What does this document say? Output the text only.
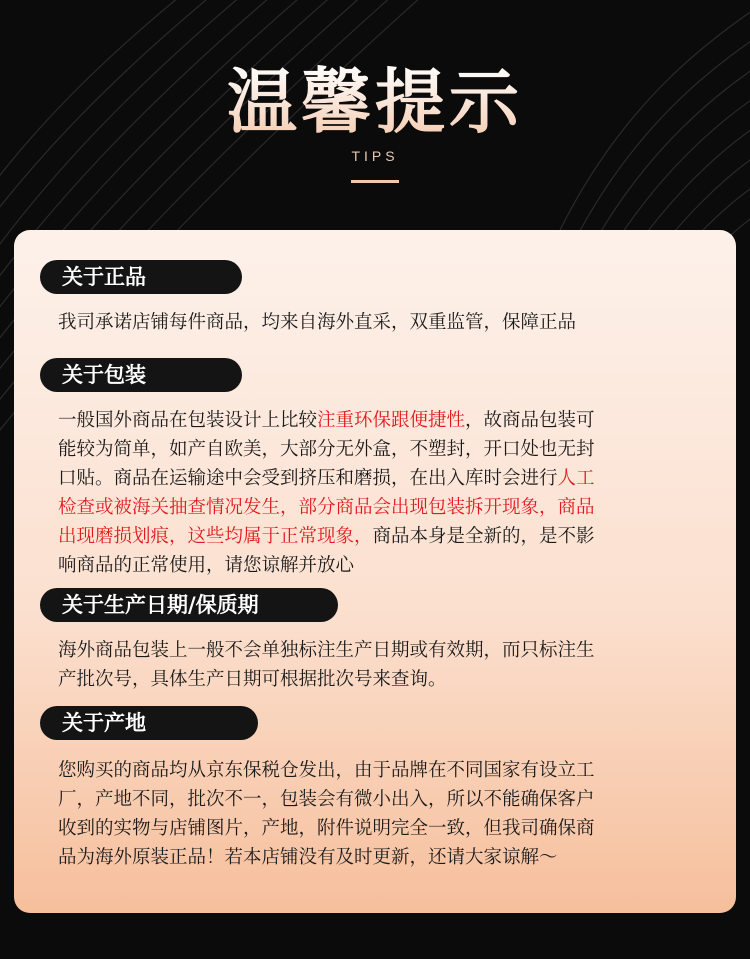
温馨提示
TIPS
关于正品
我司承诺店铺每件商品，均来自海外直采，双重监管，保障正品
关于包装
一般国外商品在包装设计上比较注重环保跟便捷性，故商品包装可
能较为简单，如产自欧美，大部分无外盒，不塑封，开口处也无封
口贴。商品在运输途中会受到挤压和磨损，在出入库时会进行人工
检查或被海关抽查情况发生，部分商品会出现包装拆开现象，商品
出现磨损划痕，这些均属于正常现象，商品本身是全新的，是不影
响商品的正常使用，请您谅解并放心
关于生产日期/保质期
海外商品包装上一般不会单独标注生产日期或有效期，而只标注生
产批次号，具体生产日期可根据批次号来查询。
关于产地
您购买的商品均从京东保税仓发出，由于品牌在不同国家有设立工
厂，产地不同，批次不一，包装会有微小出入，所以不能确保客户
收到的实物与店铺图片，产地，附件说明完全一致，但我司确保商
品为海外原装正品！若本店铺没有及时更新，还请大家谅解～
